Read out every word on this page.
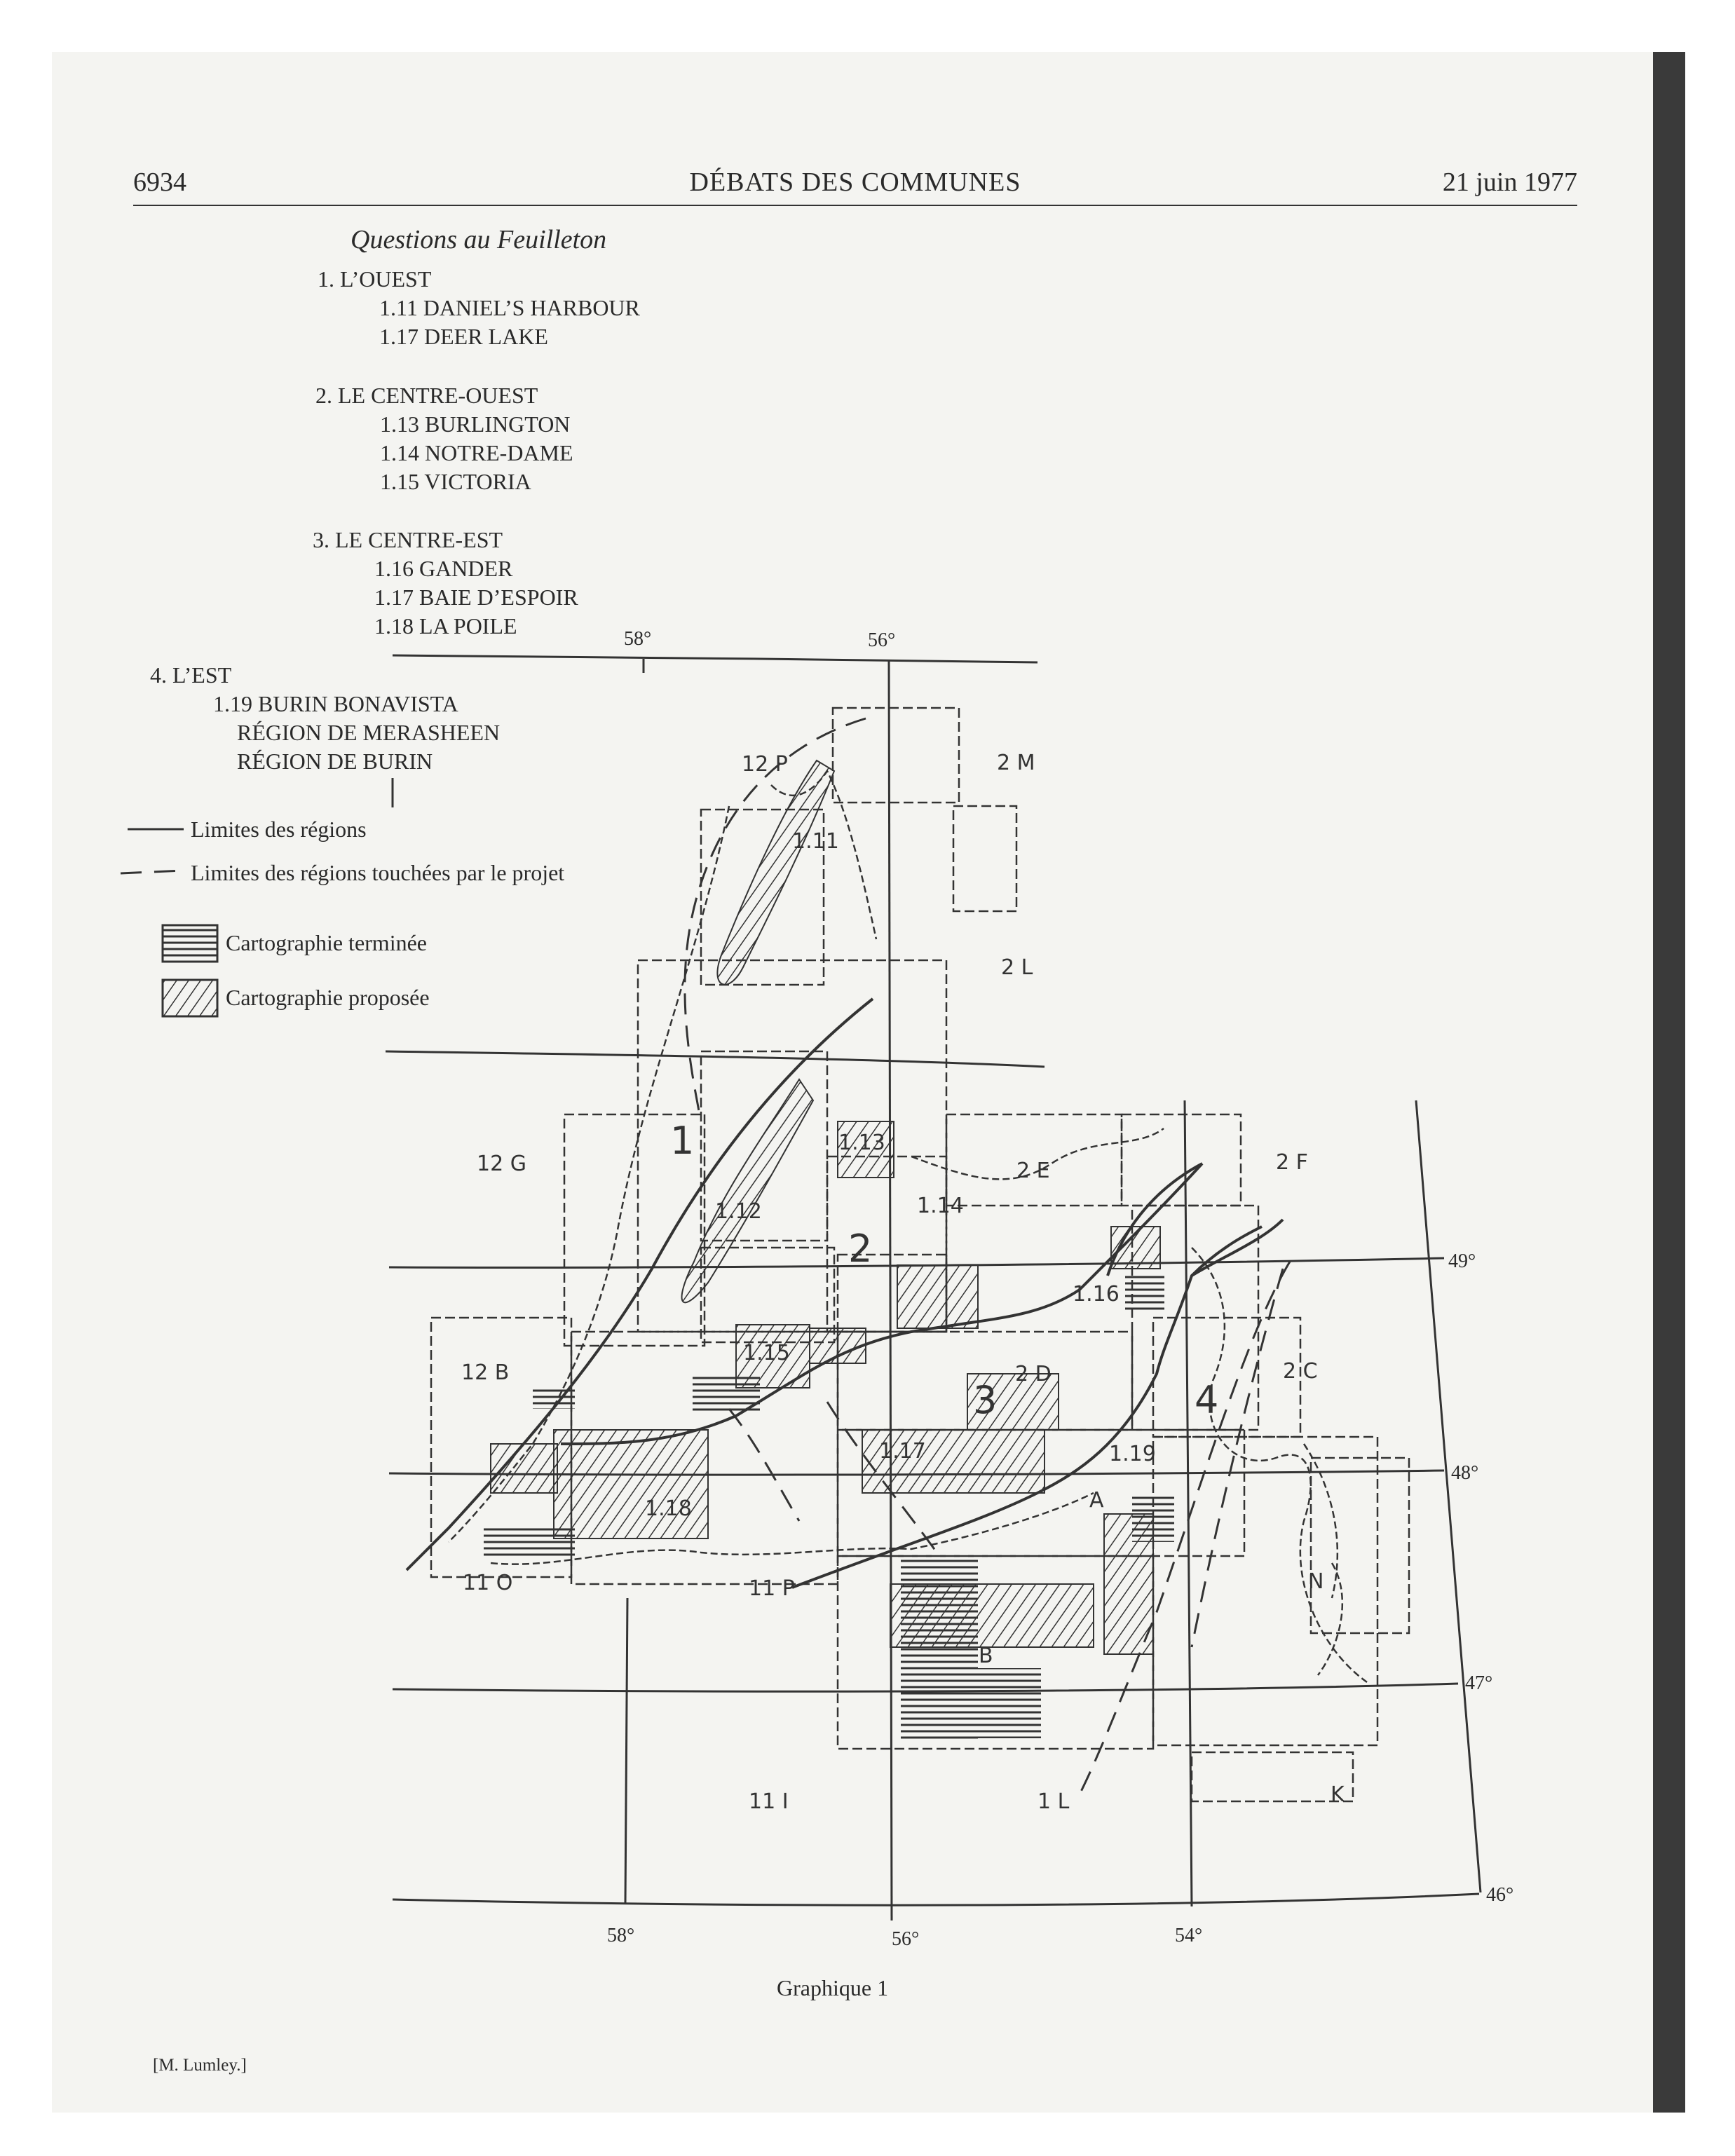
6934	DÉBATS DES COMMUNES	21 juin 1977
Questions au Feuilleton
1. L’OUEST
1.11 DANIEL’S HARBOUR
1.17 DEER LAKE
2. LE CENTRE-OUEST
1.13 BURLINGTON
1.14 NOTRE-DAME
1.15 VICTORIA
3. LE CENTRE-EST
1.16 GANDER
1.17 BAIE D’ESPOIR
1.18 LA POILE
4. L’EST
1.19 BURIN BONAVISTA
RÉGION DE MERASHEEN
RÉGION DE BURIN
Limites des régions
Limites des régions touchées par le projet
Cartographie terminée
Cartographie proposée
58°	56°
49°
48°
47°
46°
58°	56°	54°
12 P	2 M
2 L
12 G	2 F
2 E
12 B	2 D	2 C
11 O	11 P
11 I	1 L	K
N
A
B
1.11
1.12
1.13
1.14
1.15
1.16
1.17
1.18
1.19
1
2
3	4
Graphique 1
[M. Lumley.]
